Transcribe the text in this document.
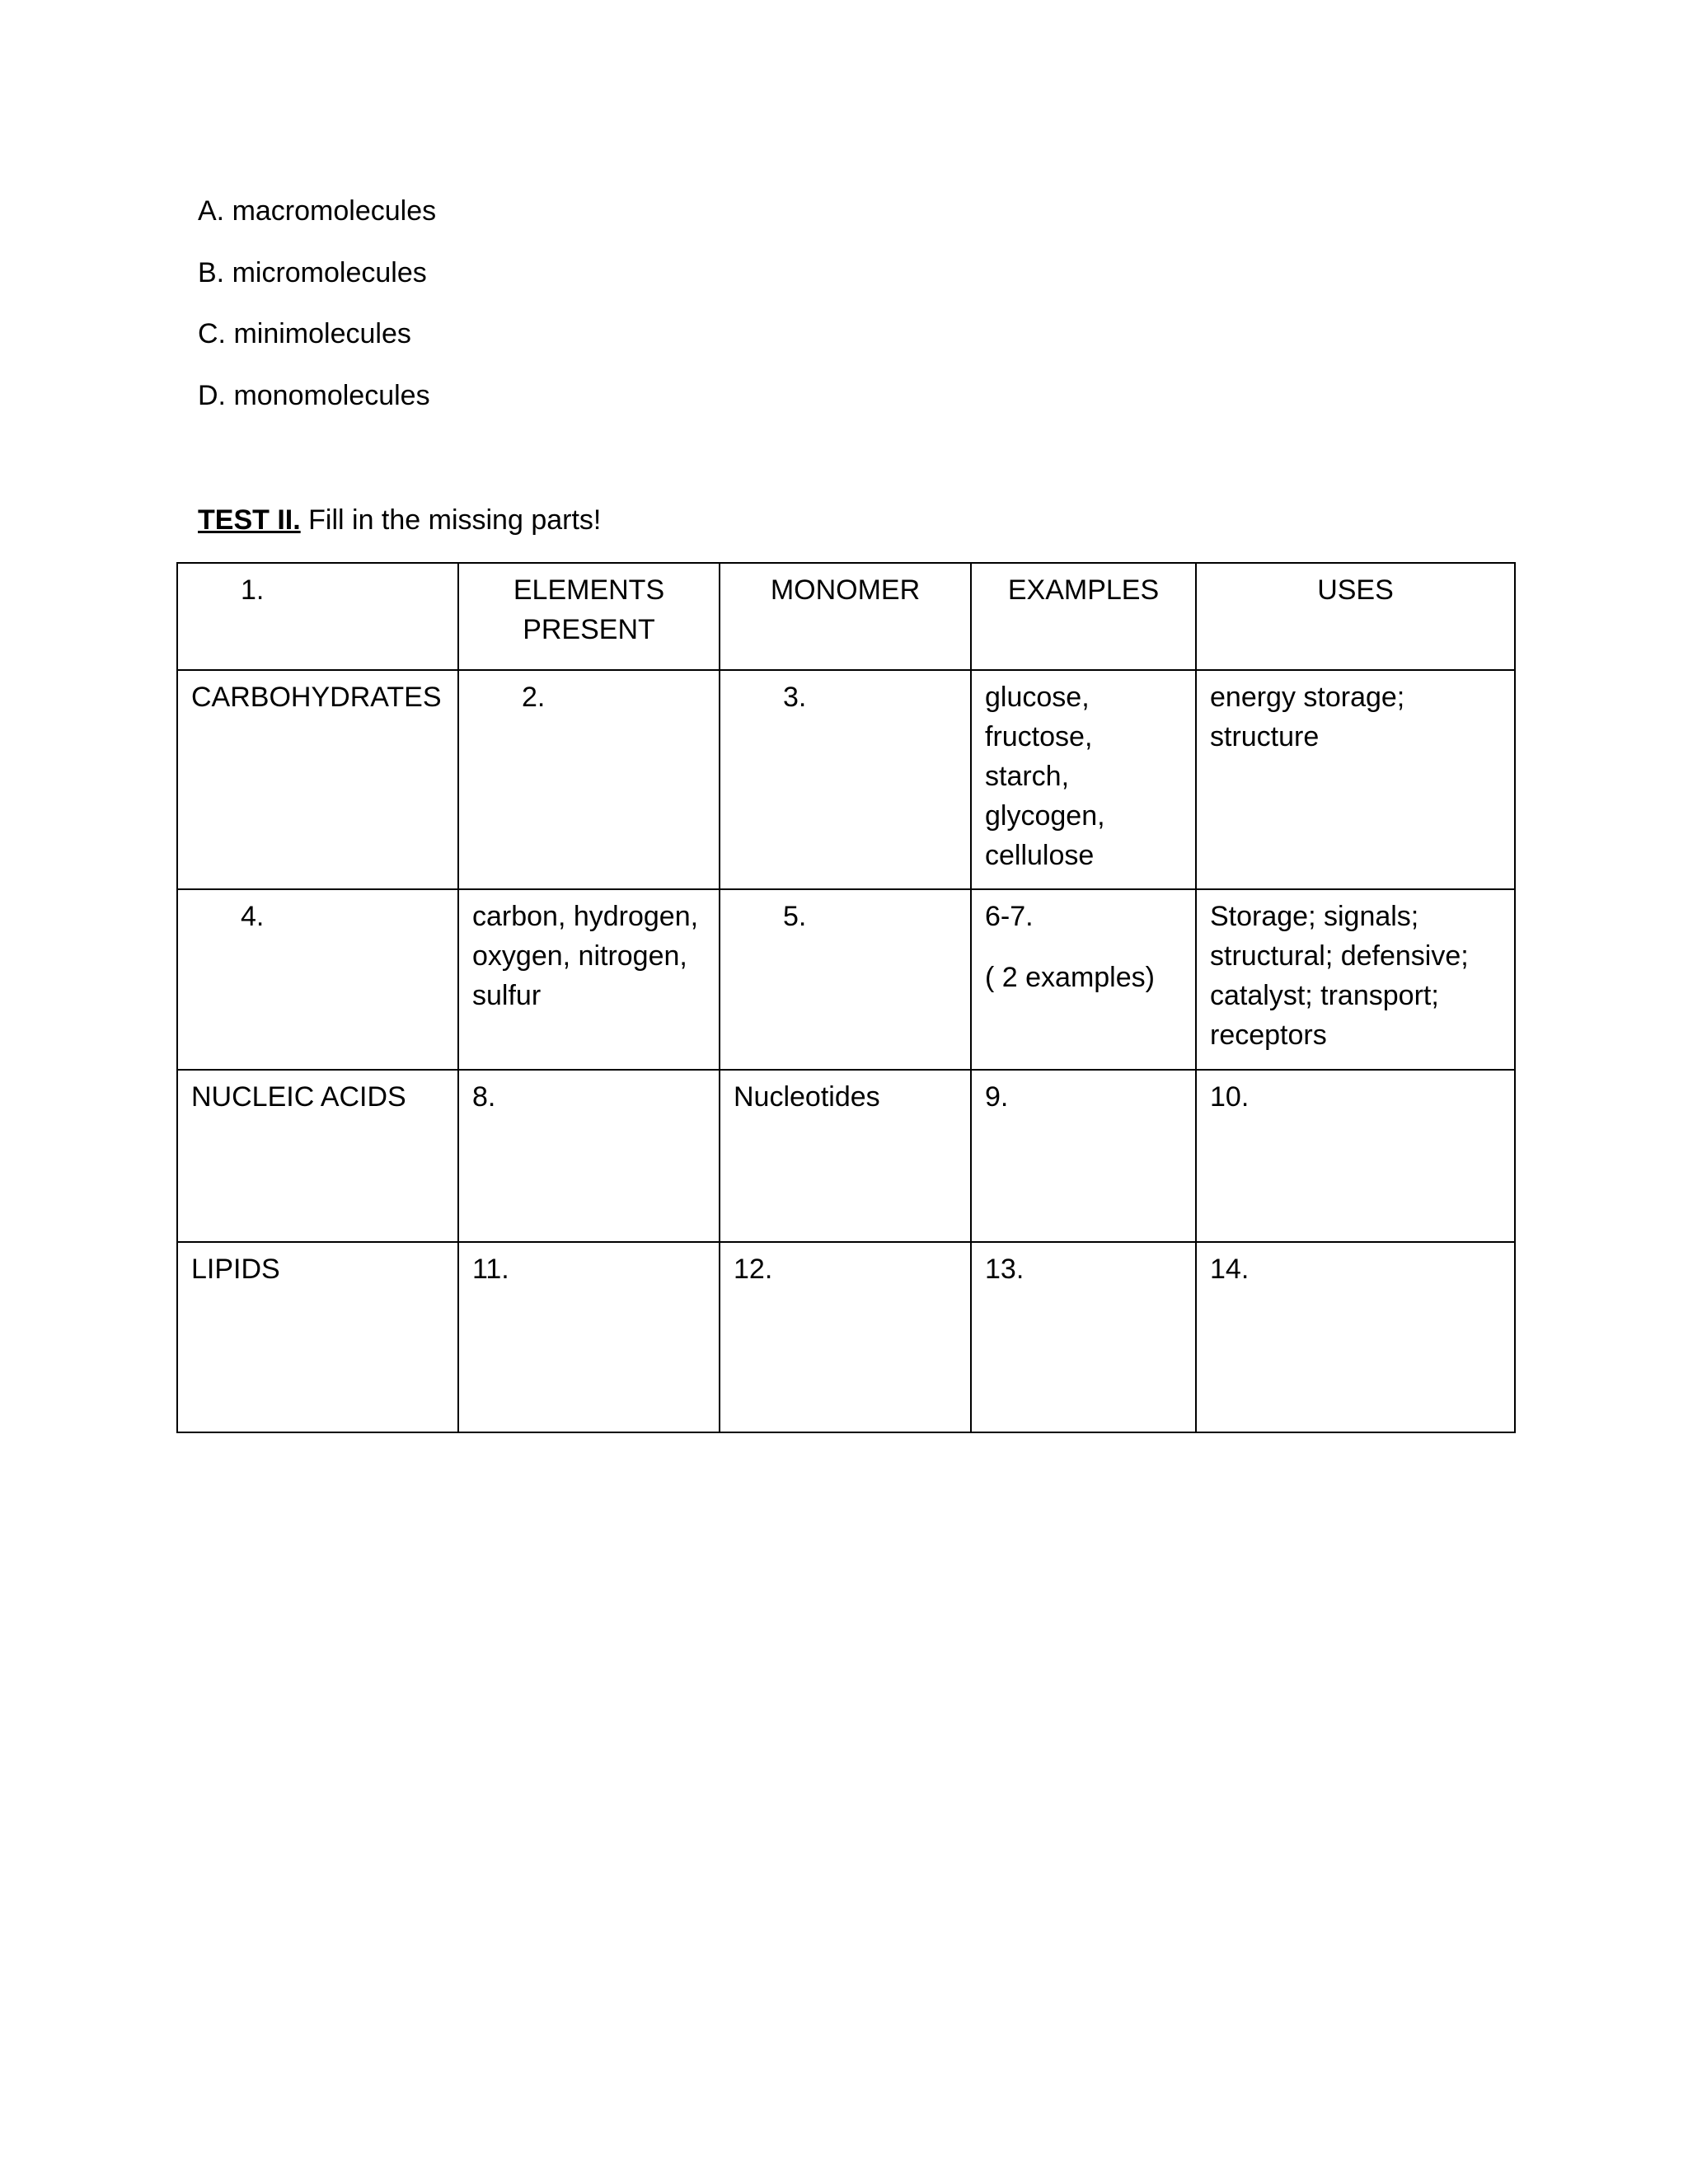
A. macromolecules
B. micromolecules
C. minimolecules
D. monomolecules
TEST II. Fill in the missing parts!
1.	ELEMENTS
PRESENT	MONOMER	EXAMPLES	USES
CARBOHYDRATES	2.	3.	glucose,
fructose,
starch,
glycogen,
cellulose	energy storage;
structure

4.	carbon, hydrogen,
oxygen, nitrogen,
sulfur	5.	6-7.
( 2 examples)	Storage; signals;
structural; defensive;
catalyst; transport;
receptors

NUCLEIC ACIDS	8.	Nucleotides	9.	10.
LIPIDS	11.	12.	13.	14.
